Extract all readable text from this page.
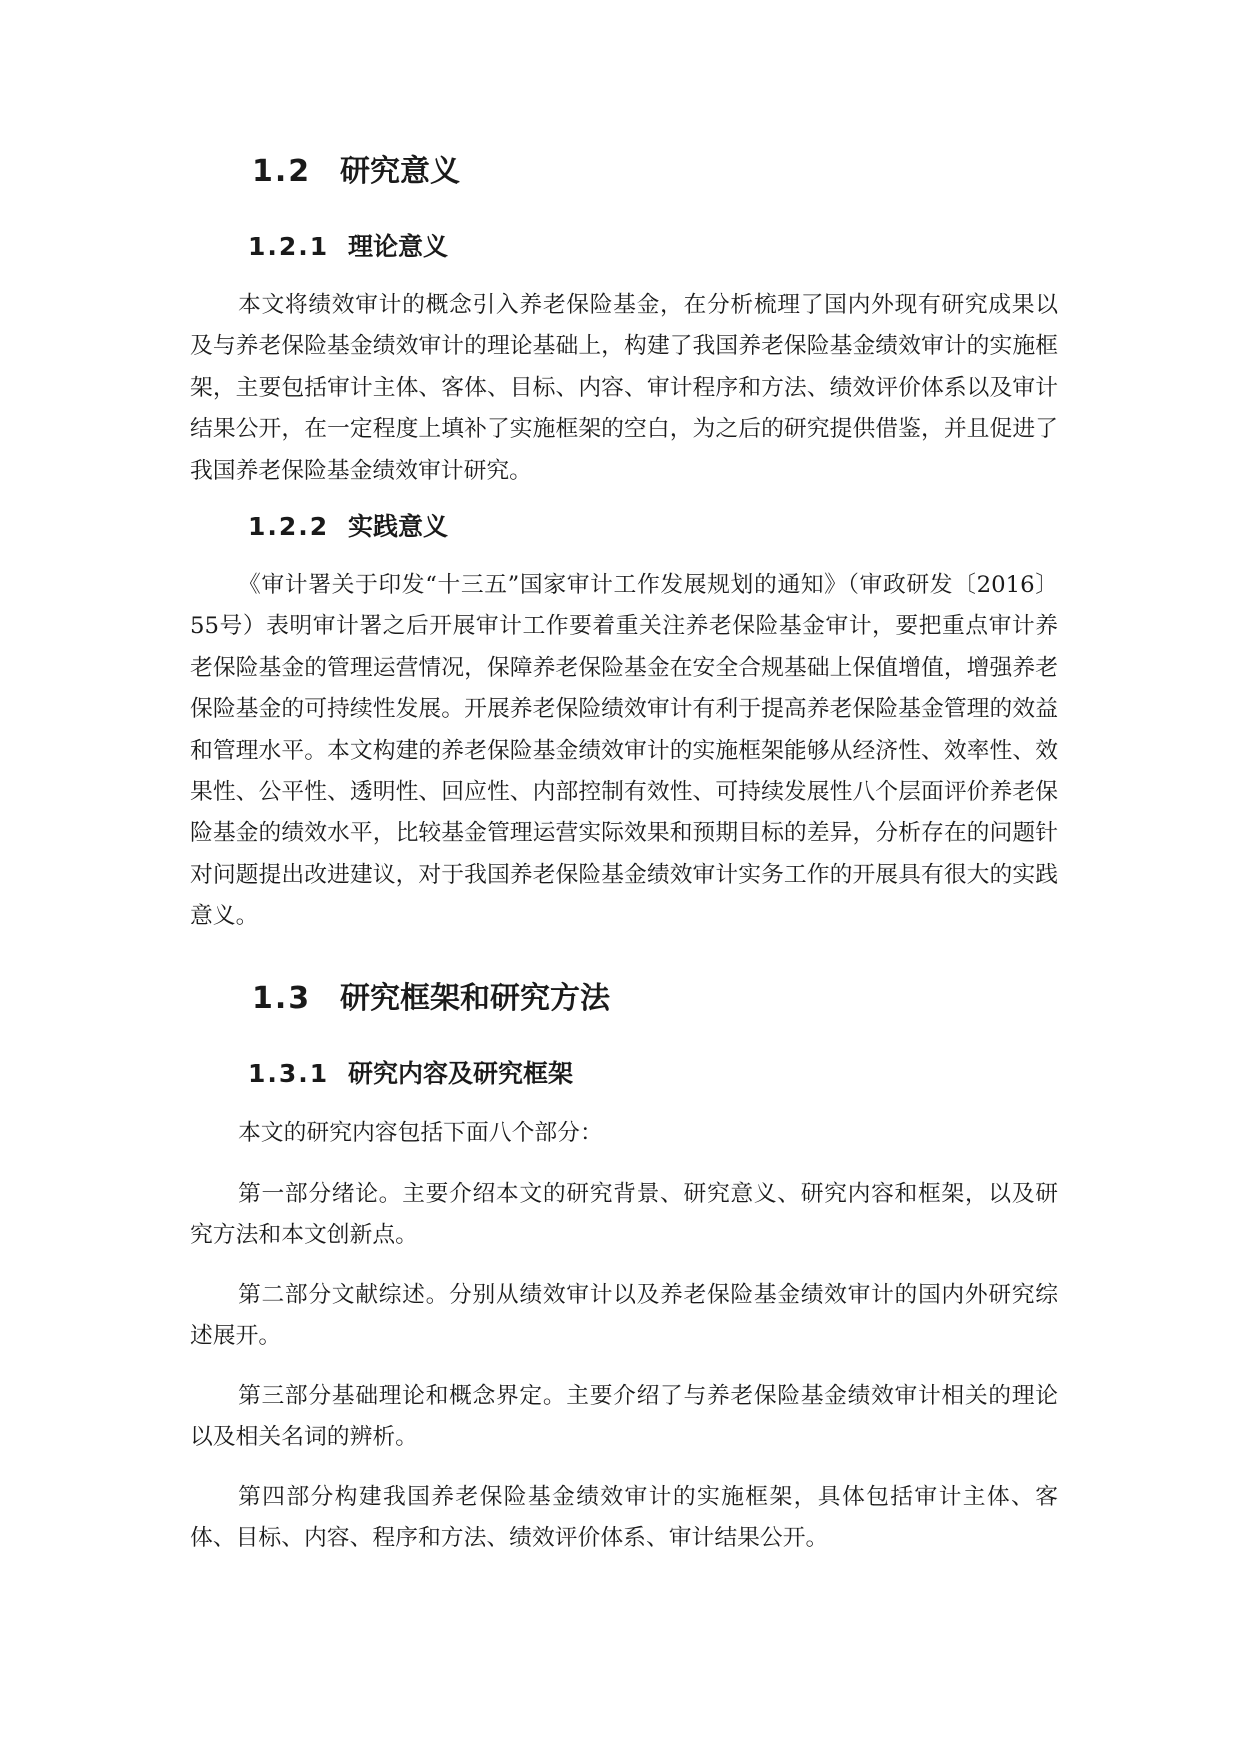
1.2 研究意义
1.2.1 理论意义

本文将绩效审计的概念引入养老保险基金，在分析梳理了国内外现有研究成果以及与养老保险基金绩效审计的理论基础上，构建了我国养老保险基金绩效审计的实施框架，主要包括审计主体、客体、目标、内容、审计程序和方法、绩效评价体系以及审计结果公开，在一定程度上填补了实施框架的空白，为之后的研究提供借鉴，并且促进了我国养老保险基金绩效审计研究。

1.2.2 实践意义

《审计署关于印发“十三五”国家审计工作发展规划的通知》（审政研发〔2016〕55号）表明审计署之后开展审计工作要着重关注养老保险基金审计，要把重点审计养老保险基金的管理运营情况，保障养老保险基金在安全合规基础上保值增值，增强养老保险基金的可持续性发展。开展养老保险绩效审计有利于提高养老保险基金管理的效益和管理水平。本文构建的养老保险基金绩效审计的实施框架能够从经济性、效率性、效果性、公平性、透明性、回应性、内部控制有效性、可持续发展性八个层面评价养老保险基金的绩效水平，比较基金管理运营实际效果和预期目标的差异，分析存在的问题针对问题提出改进建议，对于我国养老保险基金绩效审计实务工作的开展具有很大的实践意义。

1.3 研究框架和研究方法
1.3.1 研究内容及研究框架

本文的研究内容包括下面八个部分：

第一部分绪论。主要介绍本文的研究背景、研究意义、研究内容和框架，以及研究方法和本文创新点。

第二部分文献综述。分别从绩效审计以及养老保险基金绩效审计的国内外研究综述展开。

第三部分基础理论和概念界定。主要介绍了与养老保险基金绩效审计相关的理论以及相关名词的辨析。

第四部分构建我国养老保险基金绩效审计的实施框架，具体包括审计主体、客体、目标、内容、程序和方法、绩效评价体系、审计结果公开。
